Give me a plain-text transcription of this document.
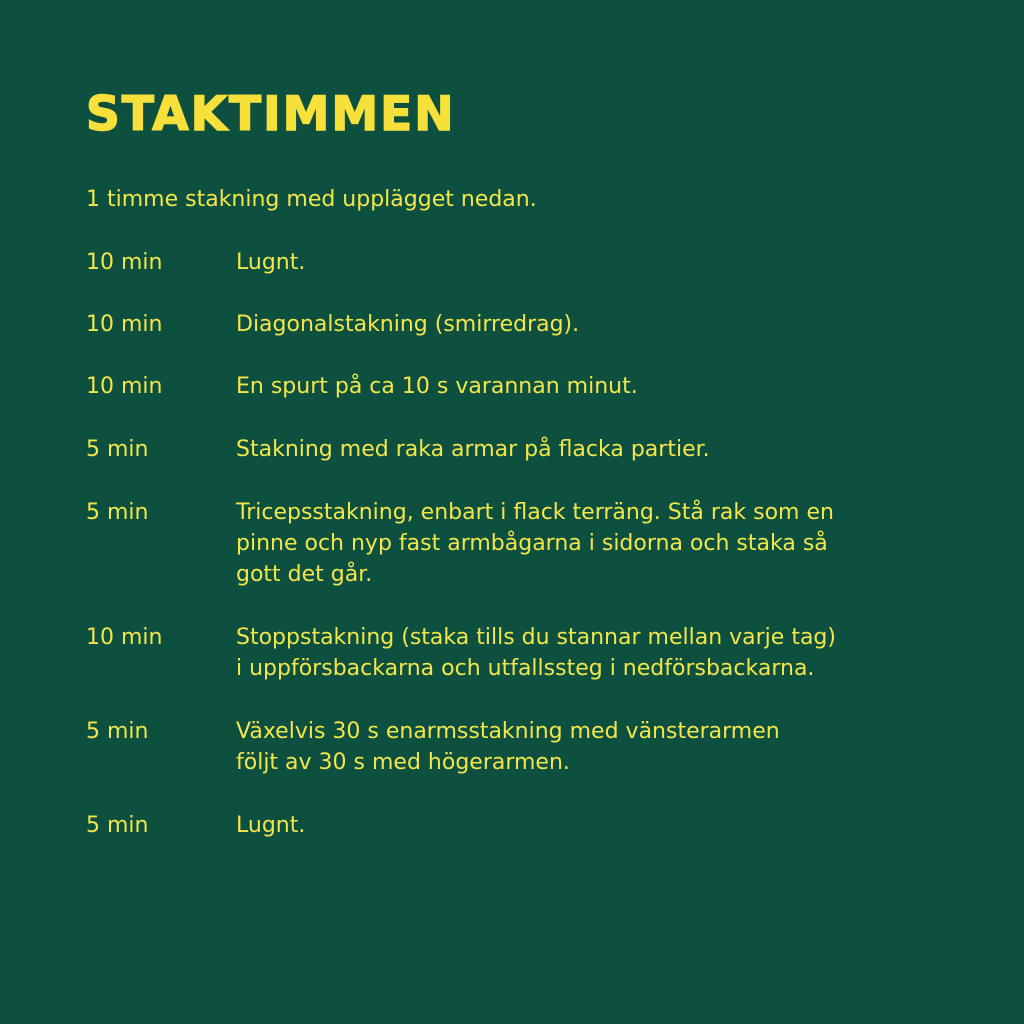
STAKTIMMEN

1 timme stakning med upplägget nedan.

10 min	Lugnt.
10 min	Diagonalstakning (smirredrag).
10 min	En spurt på ca 10 s varannan minut.
5 min	Stakning med raka armar på flacka partier.
5 min	Tricepsstakning, enbart i flack terräng. Stå rak som en
pinne och nyp fast armbågarna i sidorna och staka så
gott det går.
10 min	Stoppstakning (staka tills du stannar mellan varje tag)
i uppförsbackarna och utfallssteg i nedförsbackarna.
5 min	Växelvis 30 s enarmsstakning med vänsterarmen
följt av 30 s med högerarmen.
5 min	Lugnt.
